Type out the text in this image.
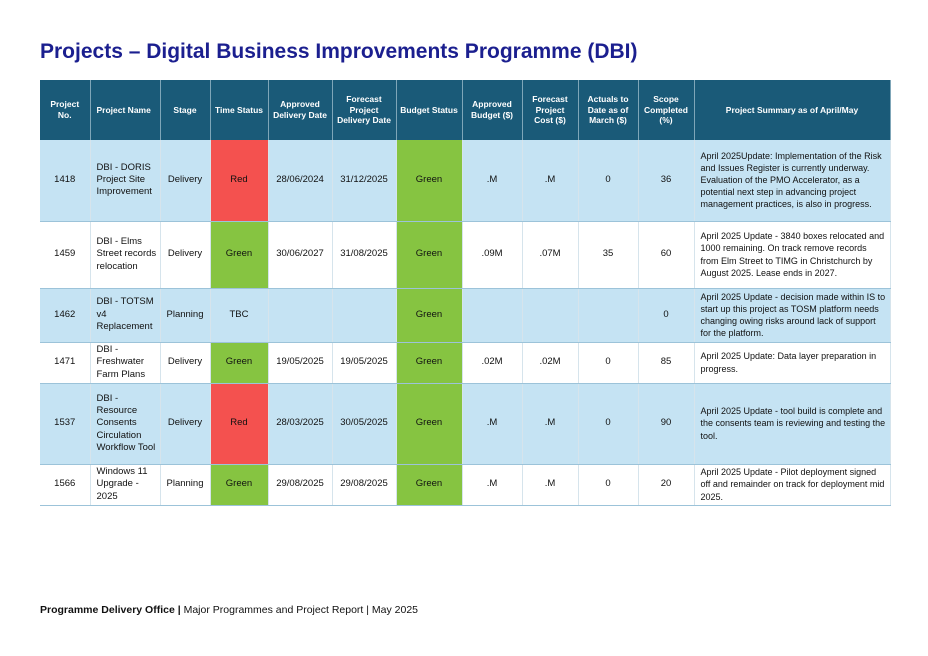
Projects – Digital Business Improvements Programme (DBI)
Project No.	Project Name	Stage	Time Status	Approved Delivery Date	Forecast Project Delivery Date	Budget Status	Approved Budget ($)	Forecast Project Cost ($)	Actuals to Date as of March ($)	Scope Completed (%)	Project Summary as of April/May
1418	DBI - DORIS Project Site Improvement	Delivery	Red	28/06/2024	31/12/2025	Green	.M	.M	0	36	April 2025Update: Implementation of the Risk and Issues Register is currently underway. Evaluation of the PMO Accelerator, as a potential next step in advancing project management practices, is also in progress.
1459	DBI - Elms Street records relocation	Delivery	Green	30/06/2027	31/08/2025	Green	.09M	.07M	35	60	April 2025 Update - 3840 boxes relocated and 1000 remaining. On track remove records from Elm Street to TIMG in Christchurch by August 2025. Lease ends in 2027.
1462	DBI - TOTSM v4 Replacement	Planning	TBC			Green				0	April 2025 Update - decision made within IS to start up this project as TOSM platform needs changing owing risks around lack of support for the platform.
1471	DBI - Freshwater Farm Plans	Delivery	Green	19/05/2025	19/05/2025	Green	.02M	.02M	0	85	April 2025 Update: Data layer preparation in progress.
1537	DBI - Resource Consents Circulation Workflow Tool	Delivery	Red	28/03/2025	30/05/2025	Green	.M	.M	0	90	April 2025 Update - tool build is complete and the consents team is reviewing and testing the tool.
1566	Windows 11 Upgrade - 2025	Planning	Green	29/08/2025	29/08/2025	Green	.M	.M	0	20	April 2025 Update - Pilot deployment signed off and remainder on track for deployment mid 2025.
Programme Delivery Office | Major Programmes and Project Report | May 2025
